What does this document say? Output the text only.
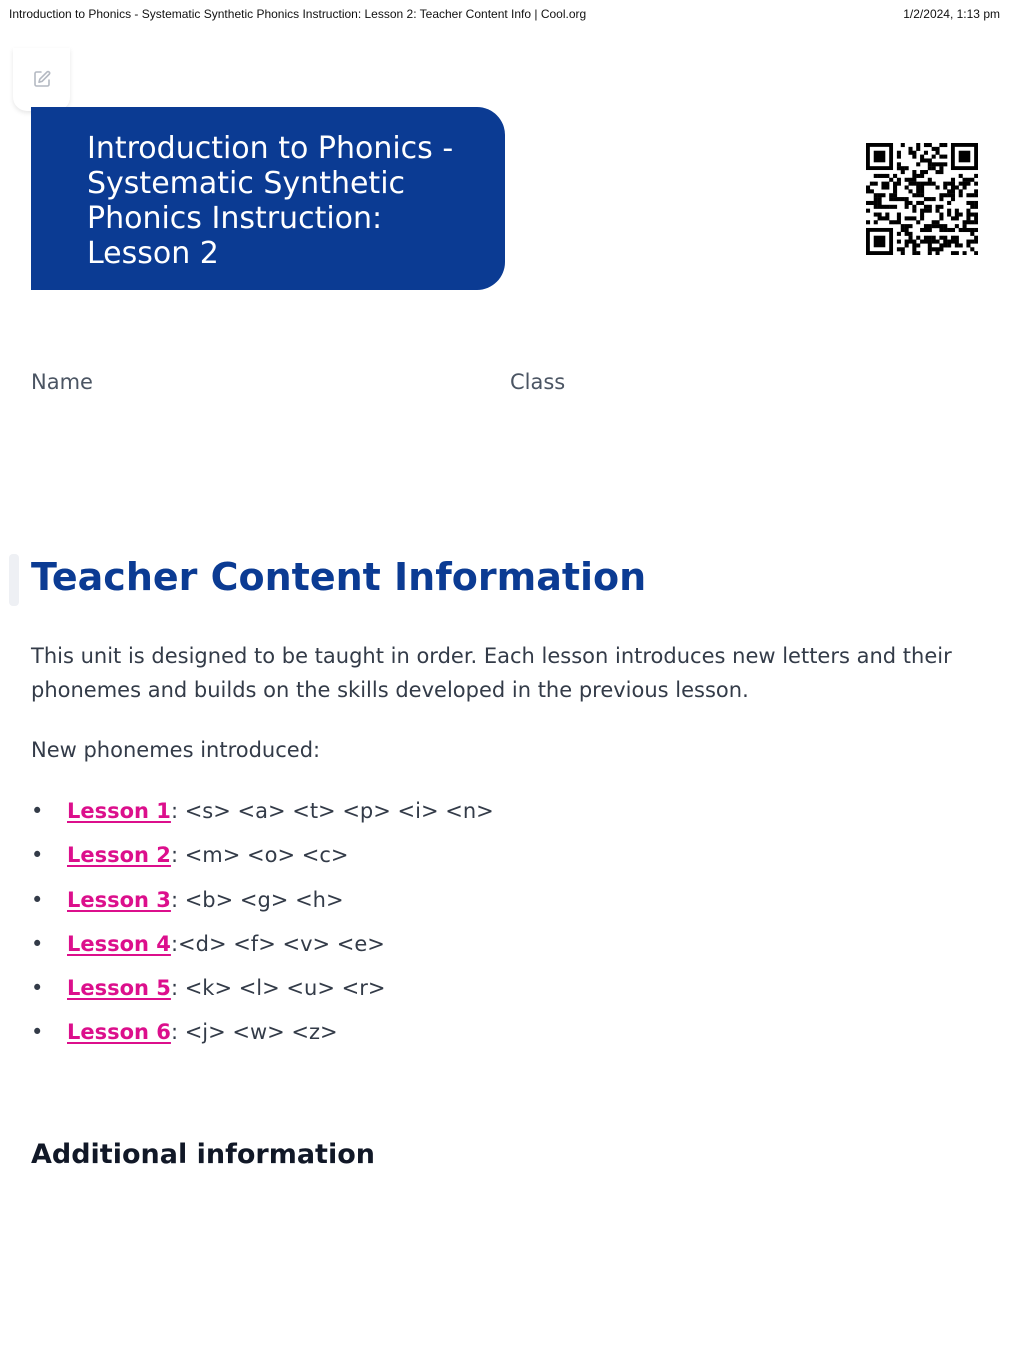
Introduction to Phonics - Systematic Synthetic Phonics Instruction: Lesson 2: Teacher Content Info | Cool.org	1/2/2024, 1:13 pm
Introduction to Phonics - Systematic Synthetic Phonics Instruction: Lesson 2
Name	Class
Teacher Content Information

This unit is designed to be taught in order. Each lesson introduces new letters and their phonemes and builds on the skills developed in the previous lesson.

New phonemes introduced:

• Lesson 1: <s> <a> <t> <p> <i> <n>
• Lesson 2: <m> <o> <c>
• Lesson 3: <b> <g> <h>
• Lesson 4:<d> <f> <v> <e>
• Lesson 5: <k> <l> <u> <r>
• Lesson 6: <j> <w> <z>
Additional information
